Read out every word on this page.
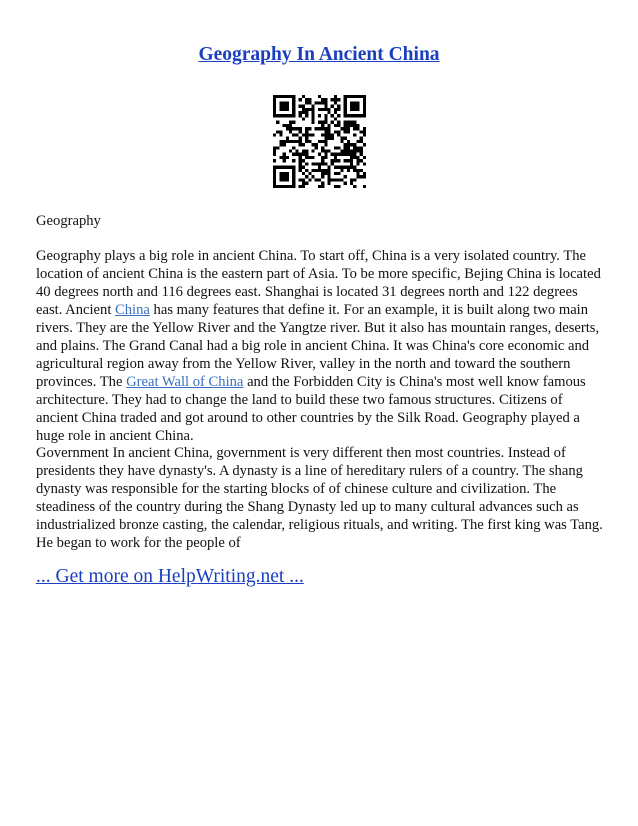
Geography In Ancient China
Geography
Geography plays a big role in ancient China. To start off, China is a very isolated country. The location of ancient China is the eastern part of Asia. To be more specific, Bejing China is located 40 degrees north and 116 degrees east. Shanghai is located 31 degrees north and 122 degrees east. Ancient China has many features that define it. For an example, it is built along two main rivers. They are the Yellow River and the Yangtze river. But it also has mountain ranges, deserts, and plains. The Grand Canal had a big role in ancient China. It was China's core economic and agricultural region away from the Yellow River, valley in the north and toward the southern provinces. The Great Wall of China and the Forbidden City is China's most well know famous architecture. They had to change the land to build these two famous structures. Citizens of ancient China traded and got around to other countries by the Silk Road. Geography played a huge role in ancient China.
Government In ancient China, government is very different then most countries. Instead of presidents they have dynasty's. A dynasty is a line of hereditary rulers of a country. The shang dynasty was responsible for the starting blocks of of chinese culture and civilization. The steadiness of the country during the Shang Dynasty led up to many cultural advances such as industrialized bronze casting, the calendar, religious rituals, and writing. The first king was Tang. He began to work for the people of
... Get more on HelpWriting.net ...
